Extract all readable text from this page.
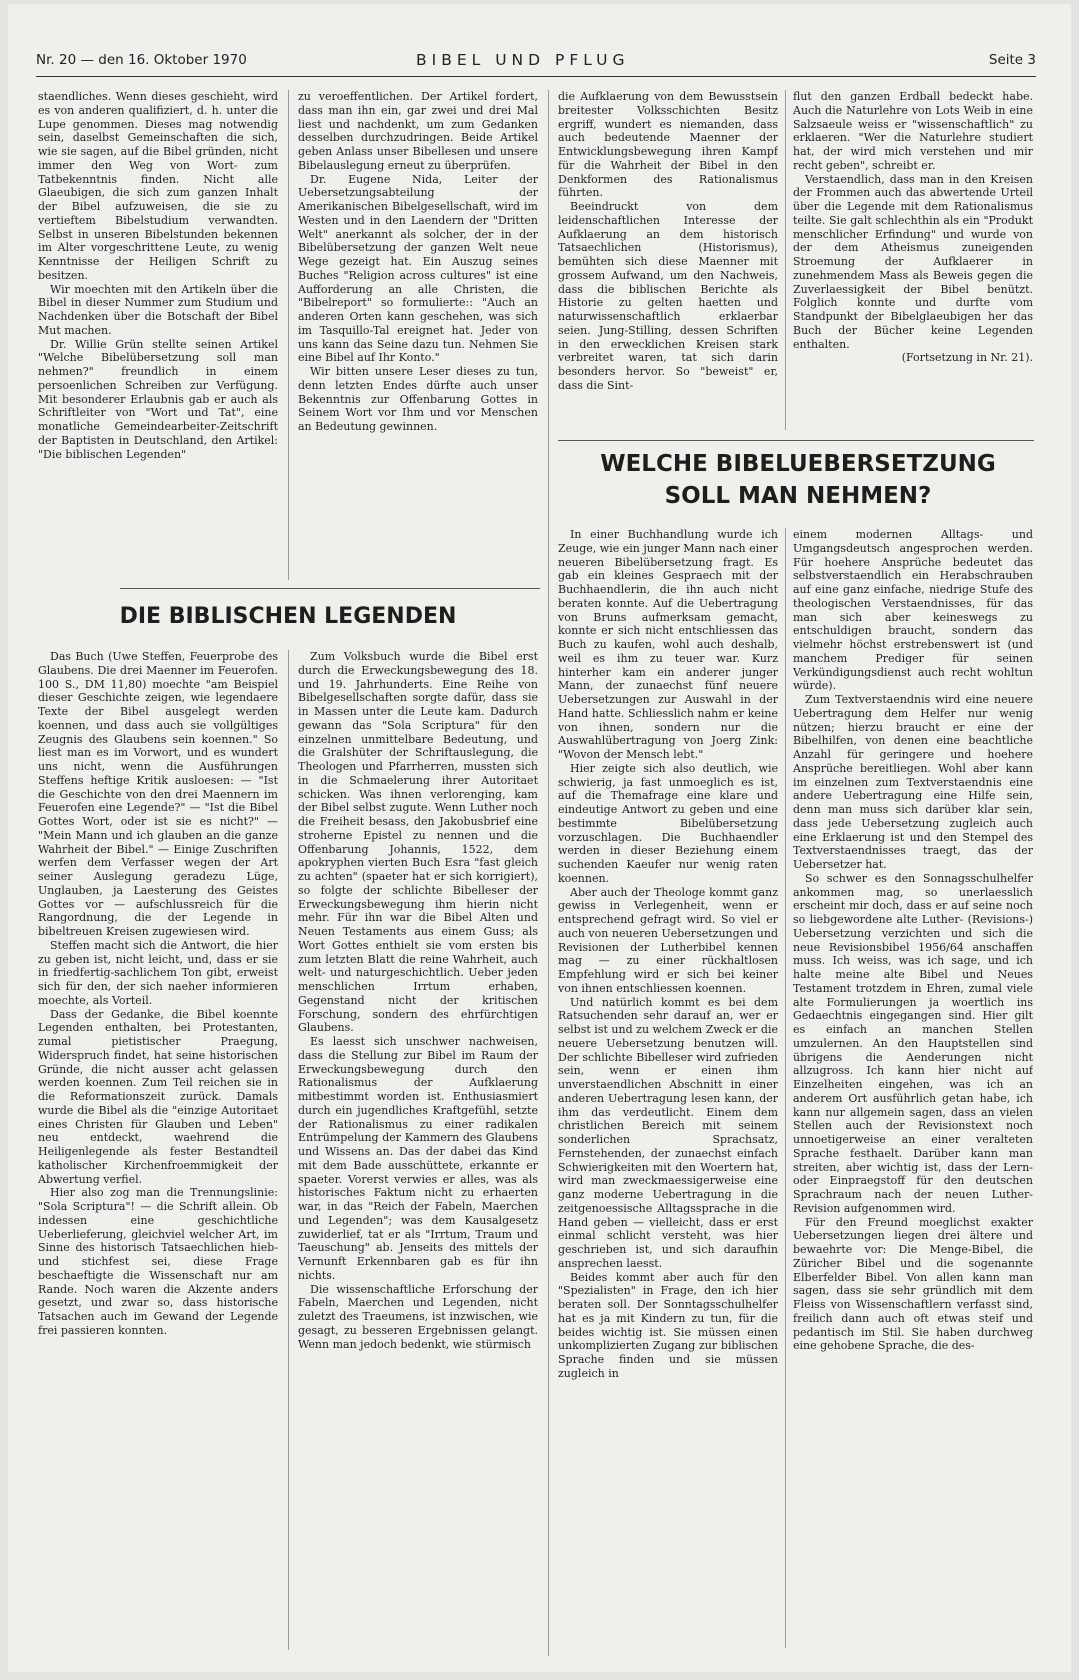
Nr. 20 — den 16. Oktober 1970	BIBEL UND PFLUG	Seite 3

staendliches. Wenn dieses geschieht, wird es von anderen qualifiziert, d. h. unter die Lupe genommen. Dieses mag notwendig sein, daselbst Gemeinschaften die sich, wie sie sagen, auf die Bibel gründen, nicht immer den Weg von Wort- zum Tatbekenntnis finden. Nicht alle Glaeubigen, die sich zum ganzen Inhalt der Bibel aufzuweisen, die sie zu vertieftem Bibelstudium verwandten. Selbst in unseren Bibelstunden bekennen im Alter vorgeschrittene Leute, zu wenig Kenntnisse der Heiligen Schrift zu besitzen.

Wir moechten mit den Artikeln über die Bibel in dieser Nummer zum Studium und Nachdenken über die Botschaft der Bibel Mut machen.

Dr. Willie Grün stellte seinen Artikel "Welche Bibelübersetzung soll man nehmen?" freundlich in einem persoenlichen Schreiben zur Verfügung. Mit besonderer Erlaubnis gab er auch als Schriftleiter von "Wort und Tat", eine monatliche Gemeindearbeiter-Zeitschrift der Baptisten in Deutschland, den Artikel: "Die biblischen Legenden"

zu veroeffentlichen. Der Artikel fordert, dass man ihn ein, gar zwei und drei Mal liest und nachdenkt, um zum Gedanken desselben durchzudringen. Beide Artikel geben Anlass unser Bibellesen und unsere Bibelauslegung erneut zu überprüfen.

Dr. Eugene Nida, Leiter der Uebersetzungsabteilung der Amerikanischen Bibelgesellschaft, wird im Westen und in den Laendern der "Dritten Welt" anerkannt als solcher, der in der Bibelübersetzung der ganzen Welt neue Wege gezeigt hat. Ein Auszug seines Buches "Religion across cultures" ist eine Aufforderung an alle Christen, die "Bibelreport" so formulierte:: "Auch an anderen Orten kann geschehen, was sich im Tasquillo-Tal ereignet hat. Jeder von uns kann das Seine dazu tun. Nehmen Sie eine Bibel auf Ihr Konto."

Wir bitten unsere Leser dieses zu tun, denn letzten Endes dürfte auch unser Bekenntnis zur Offenbarung Gottes in Seinem Wort vor Ihm und vor Menschen an Bedeutung gewinnen.

DIE BIBLISCHEN LEGENDEN

Das Buch (Uwe Steffen, Feuerprobe des Glaubens. Die drei Maenner im Feuerofen. 100 S., DM 11,80) moechte "am Beispiel dieser Geschichte zeigen, wie legendaere Texte der Bibel ausgelegt werden koennen, und dass auch sie vollgültiges Zeugnis des Glaubens sein koennen." So liest man es im Vorwort, und es wundert uns nicht, wenn die Ausführungen Steffens heftige Kritik ausloesen: — "Ist die Geschichte von den drei Maennern im Feuerofen eine Legende?" — "Ist die Bibel Gottes Wort, oder ist sie es nicht?" — "Mein Mann und ich glauben an die ganze Wahrheit der Bibel." — Einige Zuschriften werfen dem Verfasser wegen der Art seiner Auslegung geradezu Lüge, Unglauben, ja Laesterung des Geistes Gottes vor — aufschlussreich für die Rangordnung, die der Legende in bibeltreuen Kreisen zugewiesen wird.

Steffen macht sich die Antwort, die hier zu geben ist, nicht leicht, und, dass er sie in friedfertig-sachlichem Ton gibt, erweist sich für den, der sich naeher informieren moechte, als Vorteil.

Dass der Gedanke, die Bibel koennte Legenden enthalten, bei Protestanten, zumal pietistischer Praegung, Widerspruch findet, hat seine historischen Gründe, die nicht ausser acht gelassen werden koennen. Zum Teil reichen sie in die Reformationszeit zurück. Damals wurde die Bibel als die "einzige Autoritaet eines Christen für Glauben und Leben" neu entdeckt, waehrend die Heiligenlegende als fester Bestandteil katholischer Kirchenfroemmigkeit der Abwertung verfiel.

Hier also zog man die Trennungslinie: "Sola Scriptura"! — die Schrift allein. Ob indessen eine geschichtliche Ueberlieferung, gleichviel welcher Art, im Sinne des historisch Tatsaechlichen hieb- und stichfest sei, diese Frage beschaeftigte die Wissenschaft nur am Rande. Noch waren die Akzente anders gesetzt, und zwar so, dass historische Tatsachen auch im Gewand der Legende frei passieren konnten.

Zum Volksbuch wurde die Bibel erst durch die Erweckungsbewegung des 18. und 19. Jahrhunderts. Eine Reihe von Bibelgesellschaften sorgte dafür, dass sie in Massen unter die Leute kam. Dadurch gewann das "Sola Scriptura" für den einzelnen unmittelbare Bedeutung, und die Gralshüter der Schriftauslegung, die Theologen und Pfarrherren, mussten sich in die Schmaelerung ihrer Autoritaet schicken. Was ihnen verlorenging, kam der Bibel selbst zugute. Wenn Luther noch die Freiheit besass, den Jakobusbrief eine stroherne Epistel zu nennen und die Offenbarung Johannis, 1522, dem apokryphen vierten Buch Esra "fast gleich zu achten" (spaeter hat er sich korrigiert), so folgte der schlichte Bibelleser der Erweckungsbewegung ihm hierin nicht mehr. Für ihn war die Bibel Alten und Neuen Testaments aus einem Guss; als Wort Gottes enthielt sie vom ersten bis zum letzten Blatt die reine Wahrheit, auch welt- und naturgeschichtlich. Ueber jeden menschlichen Irrtum erhaben, Gegenstand nicht der kritischen Forschung, sondern des ehrfürchtigen Glaubens.

Es laesst sich unschwer nachweisen, dass die Stellung zur Bibel im Raum der Erweckungsbewegung durch den Rationalismus der Aufklaerung mitbestimmt worden ist. Enthusiasmiert durch ein jugendliches Kraftgefühl, setzte der Rationalismus zu einer radikalen Entrümpelung der Kammern des Glaubens und Wissens an. Das der dabei das Kind mit dem Bade ausschüttete, erkannte er spaeter. Vorerst verwies er alles, was als historisches Faktum nicht zu erhaerten war, in das "Reich der Fabeln, Maerchen und Legenden"; was dem Kausalgesetz zuwiderlief, tat er als "Irrtum, Traum und Taeuschung" ab. Jenseits des mittels der Vernunft Erkennbaren gab es für ihn nichts.

Die wissenschaftliche Erforschung der Fabeln, Maerchen und Legenden, nicht zuletzt des Traeumens, ist inzwischen, wie gesagt, zu besseren Ergebnissen gelangt. Wenn man jedoch bedenkt, wie stürmisch

die Aufklaerung von dem Bewusstsein breitester Volksschichten Besitz ergriff, wundert es niemanden, dass auch bedeutende Maenner der Entwicklungsbewegung ihren Kampf für die Wahrheit der Bibel in den Denkformen des Rationalismus führten.

Beeindruckt von dem leidenschaftlichen Interesse der Aufklaerung an dem historisch Tatsaechlichen (Historismus), bemühten sich diese Maenner mit grossem Aufwand, um den Nachweis, dass die biblischen Berichte als Historie zu gelten haetten und naturwissenschaftlich erklaerbar seien. Jung-Stilling, dessen Schriften in den erwecklichen Kreisen stark verbreitet waren, tat sich darin besonders hervor. So "beweist" er, dass die Sint-

flut den ganzen Erdball bedeckt habe. Auch die Naturlehre von Lots Weib in eine Salzsaeule weiss er "wissenschaftlich" zu erklaeren. "Wer die Naturlehre studiert hat, der wird mich verstehen und mir recht geben", schreibt er.

Verstaendlich, dass man in den Kreisen der Frommen auch das abwertende Urteil über die Legende mit dem Rationalismus teilte. Sie galt schlechthin als ein "Produkt menschlicher Erfindung" und wurde von der dem Atheismus zuneigenden Stroemung der Aufklaerer in zunehmendem Mass als Beweis gegen die Zuverlaessigkeit der Bibel benützt. Folglich konnte und durfte vom Standpunkt der Bibelglaeubigen her das Buch der Bücher keine Legenden enthalten.

(Fortsetzung in Nr. 21).

WELCHE BIBELUEBERSETZUNG
SOLL MAN NEHMEN?

In einer Buchhandlung wurde ich Zeuge, wie ein junger Mann nach einer neueren Bibelübersetzung fragt. Es gab ein kleines Gespraech mit der Buchhaendlerin, die ihn auch nicht beraten konnte. Auf die Uebertragung von Bruns aufmerksam gemacht, konnte er sich nicht entschliessen das Buch zu kaufen, wohl auch deshalb, weil es ihm zu teuer war. Kurz hinterher kam ein anderer junger Mann, der zunaechst fünf neuere Uebersetzungen zur Auswahl in der Hand hatte. Schliesslich nahm er keine von ihnen, sondern nur die Auswahlübertragung von Joerg Zink: "Wovon der Mensch lebt."

Hier zeigte sich also deutlich, wie schwierig, ja fast unmoeglich es ist, auf die Themafrage eine klare und eindeutige Antwort zu geben und eine bestimmte Bibelübersetzung vorzuschlagen. Die Buchhaendler werden in dieser Beziehung einem suchenden Kaeufer nur wenig raten koennen.

Aber auch der Theologe kommt ganz gewiss in Verlegenheit, wenn er entsprechend gefragt wird. So viel er auch von neueren Uebersetzungen und Revisionen der Lutherbibel kennen mag — zu einer rückhaltlosen Empfehlung wird er sich bei keiner von ihnen entschliessen koennen.

Und natürlich kommt es bei dem Ratsuchenden sehr darauf an, wer er selbst ist und zu welchem Zweck er die neuere Uebersetzung benutzen will. Der schlichte Bibelleser wird zufrieden sein, wenn er einen ihm unverstaendlichen Abschnitt in einer anderen Uebertragung lesen kann, der ihm das verdeutlicht. Einem dem christlichen Bereich mit seinem sonderlichen Sprachsatz, Fernstehenden, der zunaechst einfach Schwierigkeiten mit den Woertern hat, wird man zweckmaessigerweise eine ganz moderne Uebertragung in die zeitgenoessische Alltagssprache in die Hand geben — vielleicht, dass er erst einmal schlicht versteht, was hier geschrieben ist, und sich daraufhin ansprechen laesst.

Beides kommt aber auch für den "Spezialisten" in Frage, den ich hier beraten soll. Der Sonntagsschulhelfer hat es ja mit Kindern zu tun, für die beides wichtig ist. Sie müssen einen unkomplizierten Zugang zur biblischen Sprache finden und sie müssen zugleich in

einem modernen Alltags- und Umgangsdeutsch angesprochen werden. Für hoehere Ansprüche bedeutet das selbstverstaendlich ein Herabschrauben auf eine ganz einfache, niedrige Stufe des theologischen Verstaendnisses, für das man sich aber keineswegs zu entschuldigen braucht, sondern das vielmehr höchst erstrebenswert ist (und manchem Prediger für seinen Verkündigungsdienst auch recht wohltun würde).

Zum Textverstaendnis wird eine neuere Uebertragung dem Helfer nur wenig nützen; hierzu braucht er eine der Bibelhilfen, von denen eine beachtliche Anzahl für geringere und hoehere Ansprüche bereitliegen. Wohl aber kann im einzelnen zum Textverstaendnis eine andere Uebertragung eine Hilfe sein, denn man muss sich darüber klar sein, dass jede Uebersetzung zugleich auch eine Erklaerung ist und den Stempel des Textverstaendnisses traegt, das der Uebersetzer hat.

So schwer es den Sonnagsschulhelfer ankommen mag, so unerlaesslich erscheint mir doch, dass er auf seine noch so liebgewordene alte Luther- (Revisions-) Uebersetzung verzichten und sich die neue Revisionsbibel 1956/64 anschaffen muss. Ich weiss, was ich sage, und ich halte meine alte Bibel und Neues Testament trotzdem in Ehren, zumal viele alte Formulierungen ja woertlich ins Gedaechtnis eingegangen sind. Hier gilt es einfach an manchen Stellen umzulernen. An den Hauptstellen sind übrigens die Aenderungen nicht allzugross. Ich kann hier nicht auf Einzelheiten eingehen, was ich an anderem Ort ausführlich getan habe, ich kann nur allgemein sagen, dass an vielen Stellen auch der Revisionstext noch unnoetigerweise an einer veralteten Sprache festhaelt. Darüber kann man streiten, aber wichtig ist, dass der Lern- oder Einpraegstoff für den deutschen Sprachraum nach der neuen Luther-Revision aufgenommen wird.

Für den Freund moeglichst exakter Uebersetzungen liegen drei ältere und bewaehrte vor: Die Menge-Bibel, die Züricher Bibel und die sogenannte Elberfelder Bibel. Von allen kann man sagen, dass sie sehr gründlich mit dem Fleiss von Wissenschaftlern verfasst sind, freilich dann auch oft etwas steif und pedantisch im Stil. Sie haben durchweg eine gehobene Sprache, die des-
